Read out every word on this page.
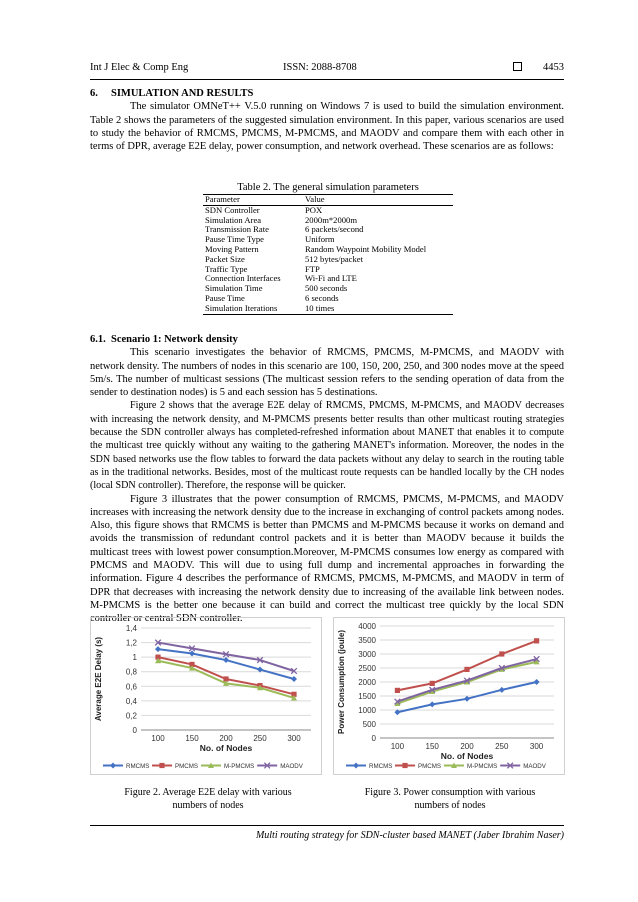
Int J Elec & Comp Eng	ISSN: 2088-8708	4453
6.     SIMULATION AND RESULTS
The simulator OMNeT++ V.5.0 running on Windows 7 is used to build the simulation environment. Table 2 shows the parameters of the suggested simulation environment. In this paper, various scenarios are used to study the behavior of RMCMS, PMCMS, M-PMCMS, and MAODV and compare them with each other in terms of DPR, average E2E delay, power consumption, and network overhead. These scenarios are as follows:
Table 2. The general simulation parameters
Parameter	Value
SDN Controller	POX
Simulation Area	2000m*2000m
Transmission Rate	6 packets/second
Pause Time Type	Uniform
Moving Pattern	Random Waypoint Mobility Model
Packet Size	512 bytes/packet
Traffic Type	FTP
Connection Interfaces	Wi-Fi and LTE
Simulation Time	500 seconds
Pause Time	6 seconds
Simulation Iterations	10 times
6.1.  Scenario 1: Network density
This scenario investigates the behavior of RMCMS, PMCMS, M-PMCMS, and MAODV with network density. The numbers of nodes in this scenario are 100, 150, 200, 250, and 300 nodes move at the speed 5m/s. The number of multicast sessions (The multicast session refers to the sending operation of data from the sender to destination nodes) is 5 and each session has 5 destinations.
Figure 2 shows that the average E2E delay of RMCMS, PMCMS, M-PMCMS, and MAODV decreases with increasing the network density, and M-PMCMS presents better results than other multicast routing strategies because the SDN controller always has completed-refreshed information about MANET that enables it to compute the multicast tree quickly without any waiting to the gathering MANET's information. Moreover, the nodes in the SDN based networks use the flow tables to forward the data packets without any delay to search in the routing table as in the traditional networks. Besides, most of the multicast route requests can be handled locally by the CH nodes (local SDN controller). Therefore, the response will be quicker.
Figure 3 illustrates that the power consumption of RMCMS, PMCMS, M-PMCMS, and MAODV increases with increasing the network density due to the increase in exchanging of control packets among nodes. Also, this figure shows that RMCMS is better than PMCMS and M-PMCMS because it works on demand and avoids the transmission of redundant control packets and it is better than MAODV because it builds the multicast trees with lowest power consumption.Moreover, M-PMCMS consumes low energy as compared with PMCMS and MAODV. This will due to using full dump and incremental approaches in forwarding the information. Figure 4 describes the performance of RMCMS, PMCMS, M-PMCMS, and MAODV in term of DPR that decreases with increasing the network density due to increasing of the available link between nodes. M-PMCMS is the better one because it can build and correct the multicast tree quickly by the local SDN controller or central SDN controller.
0
0,2
0,4
0,6
0,8
1
1,2
1,4
100	150	200	250	300
No. of Nodes
Average E2E Delay (s)
RMCMS	PMCMS	M-PMCMS	MAODV
0
500
1000
1500
2000
2500
3000
3500
4000
100	150	200	250	300
No. of Nodes
Power Consumption (joule)
RMCMS	PMCMS	M-PMCMS	MAODV
Figure 2. Average E2E delay with various numbers of nodes
Figure 3. Power consumption with various numbers of nodes
Multi routing strategy for SDN-cluster based MANET (Jaber Ibrahim Naser)
